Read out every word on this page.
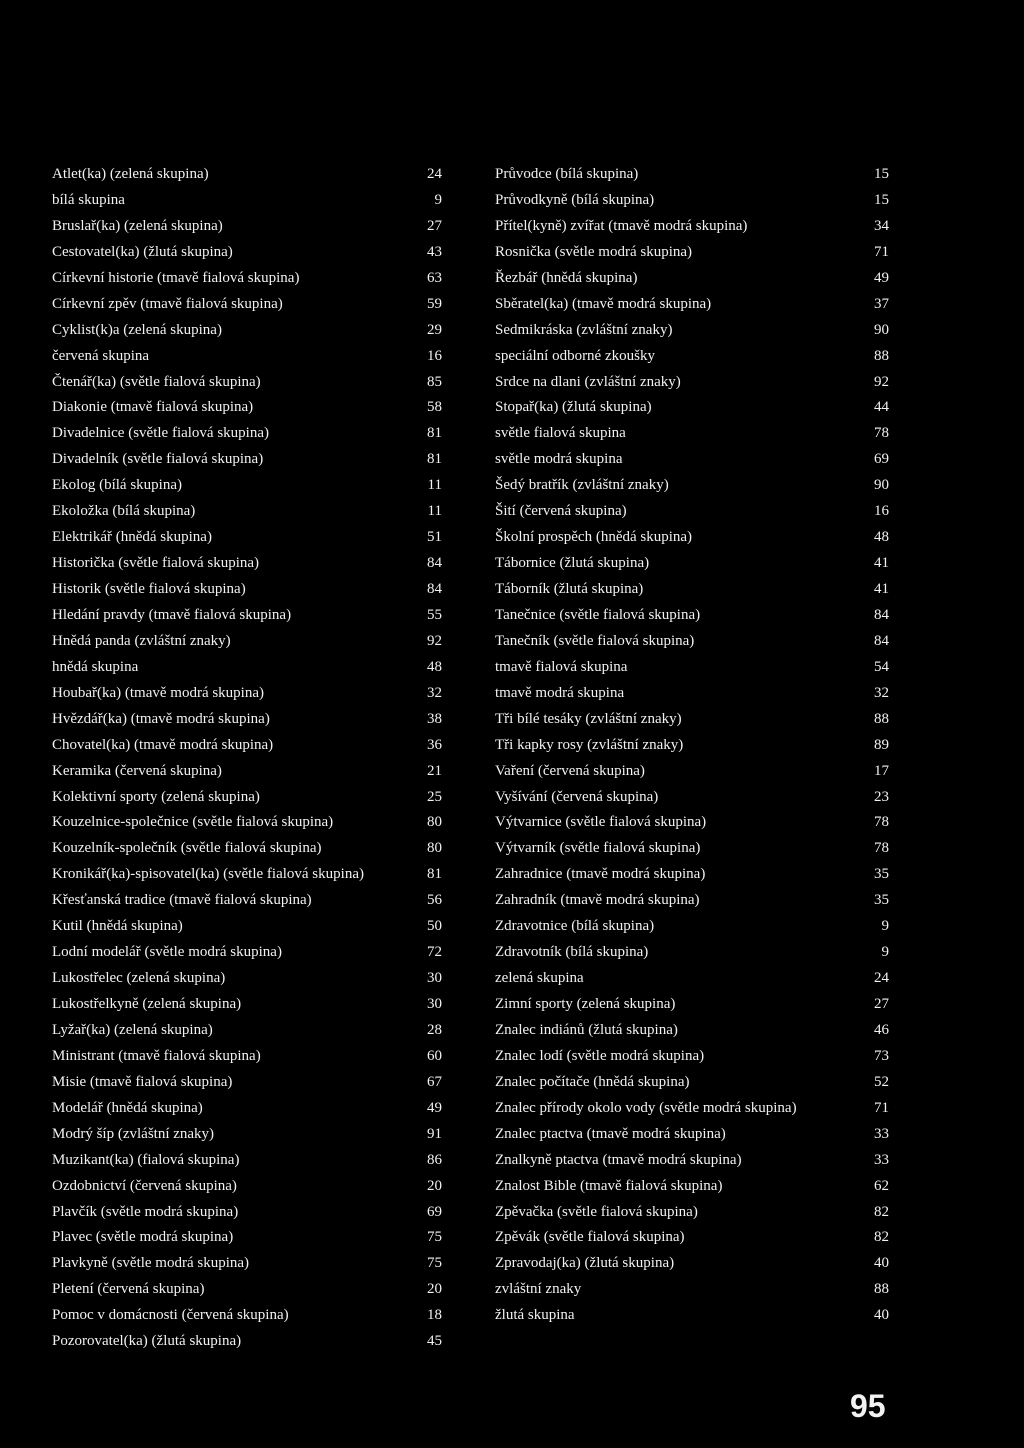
Atlet(ka) (zelená skupina)	24
bílá skupina	9
Bruslař(ka) (zelená skupina)	27
Cestovatel(ka) (žlutá skupina)	43
Církevní historie (tmavě fialová skupina)	63
Církevní zpěv (tmavě fialová skupina)	59
Cyklist(k)a (zelená skupina)	29
červená skupina	16
Čtenář(ka) (světle fialová skupina)	85
Diakonie (tmavě fialová skupina)	58
Divadelnice (světle fialová skupina)	81
Divadelník (světle fialová skupina)	81
Ekolog (bílá skupina)	11
Ekoložka (bílá skupina)	11
Elektrikář (hnědá skupina)	51
Historička (světle fialová skupina)	84
Historik (světle fialová skupina)	84
Hledání pravdy (tmavě fialová skupina)	55
Hnědá panda (zvláštní znaky)	92
hnědá skupina	48
Houbař(ka) (tmavě modrá skupina)	32
Hvězdář(ka) (tmavě modrá skupina)	38
Chovatel(ka) (tmavě modrá skupina)	36
Keramika (červená skupina)	21
Kolektivní sporty (zelená skupina)	25
Kouzelnice-společnice (světle fialová skupina)	80
Kouzelník-společník (světle fialová skupina)	80
Kronikář(ka)-spisovatel(ka) (světle fialová skupina)	81
Křesťanská tradice (tmavě fialová skupina)	56
Kutil (hnědá skupina)	50
Lodní modelář (světle modrá skupina)	72
Lukostřelec (zelená skupina)	30
Lukostřelkyně (zelená skupina)	30
Lyžař(ka) (zelená skupina)	28
Ministrant (tmavě fialová skupina)	60
Misie (tmavě fialová skupina)	67
Modelář (hnědá skupina)	49
Modrý šíp (zvláštní znaky)	91
Muzikant(ka) (fialová skupina)	86
Ozdobnictví (červená skupina)	20
Plavčík (světle modrá skupina)	69
Plavec (světle modrá skupina)	75
Plavkyně (světle modrá skupina)	75
Pletení (červená skupina)	20
Pomoc v domácnosti (červená skupina)	18
Pozorovatel(ka) (žlutá skupina)	45
Průvodce (bílá skupina)	15
Průvodkyně (bílá skupina)	15
Přítel(kyně) zvířat (tmavě modrá skupina)	34
Rosnička (světle modrá skupina)	71
Řezbář (hnědá skupina)	49
Sběratel(ka) (tmavě modrá skupina)	37
Sedmikráska (zvláštní znaky)	90
speciální odborné zkoušky	88
Srdce na dlani (zvláštní znaky)	92
Stopař(ka) (žlutá skupina)	44
světle fialová skupina	78
světle modrá skupina	69
Šedý bratřík (zvláštní znaky)	90
Šití (červená skupina)	16
Školní prospěch (hnědá skupina)	48
Tábornice (žlutá skupina)	41
Táborník (žlutá skupina)	41
Tanečnice (světle fialová skupina)	84
Tanečník (světle fialová skupina)	84
tmavě fialová skupina	54
tmavě modrá skupina	32
Tři bílé tesáky (zvláštní znaky)	88
Tři kapky rosy (zvláštní znaky)	89
Vaření (červená skupina)	17
Vyšívání (červená skupina)	23
Výtvarnice (světle fialová skupina)	78
Výtvarník (světle fialová skupina)	78
Zahradnice (tmavě modrá skupina)	35
Zahradník (tmavě modrá skupina)	35
Zdravotnice (bílá skupina)	9
Zdravotník (bílá skupina)	9
zelená skupina	24
Zimní sporty (zelená skupina)	27
Znalec indiánů (žlutá skupina)	46
Znalec lodí (světle modrá skupina)	73
Znalec počítače (hnědá skupina)	52
Znalec přírody okolo vody (světle modrá skupina)	71
Znalec ptactva (tmavě modrá skupina)	33
Znalkyně ptactva (tmavě modrá skupina)	33
Znalost Bible (tmavě fialová skupina)	62
Zpěvačka (světle fialová skupina)	82
Zpěvák (světle fialová skupina)	82
Zpravodaj(ka) (žlutá skupina)	40
zvláštní znaky	88
žlutá skupina	40
95
